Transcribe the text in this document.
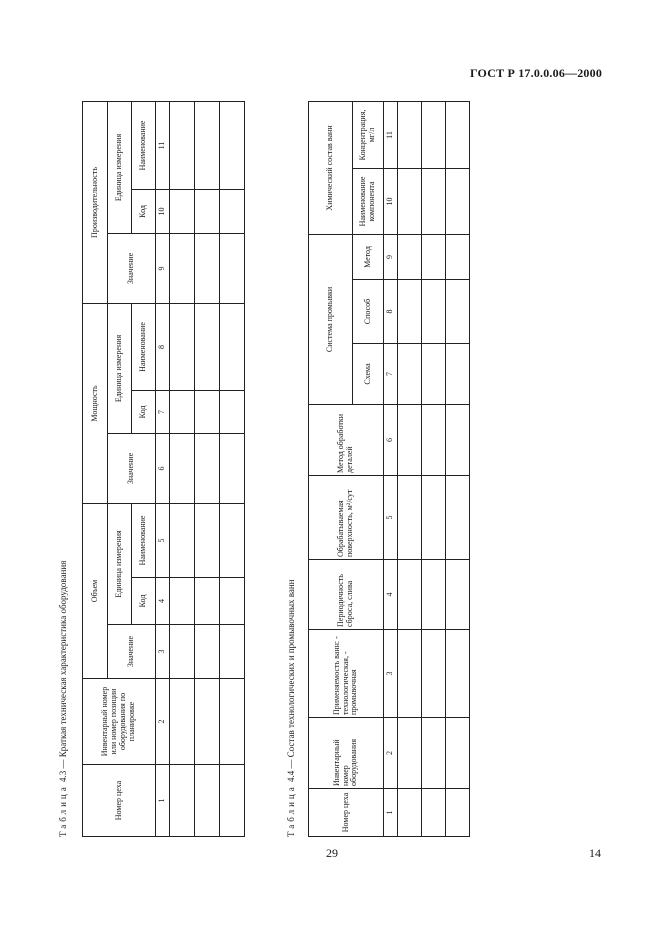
ГОСТ Р 17.0.0.06—2000
Таблица 4.3 — Краткая техническая характеристика оборудования
Номер цеха	Инвентарный номер или номер позиции оборудования по планировке	Объем			Мощность			Производительность		
		Значение	Единица измерения		Значение	Единица измерения		Значение	Единица измерения	
			Код	Наименование		Код	Наименование		Код	Наименование
1	2	3	4	5	6	7	8	9	10	11

Таблица 4.4 — Состав технологических и промывочных ванн
Номер цеха	Инвентарный номер оборудования	Применяемость ванн: - технологическая, - промывочная	Периодичность сброса, слива	Обрабатываемая поверхность, м²/сут	Метод обработки деталей	Система промывки			Химический состав ванн	
						Схема	Способ	Метод	Наименование компонента	Концентрация, мг/л
1	2	3	4	5	6	7	8	9	10	11

29	14
